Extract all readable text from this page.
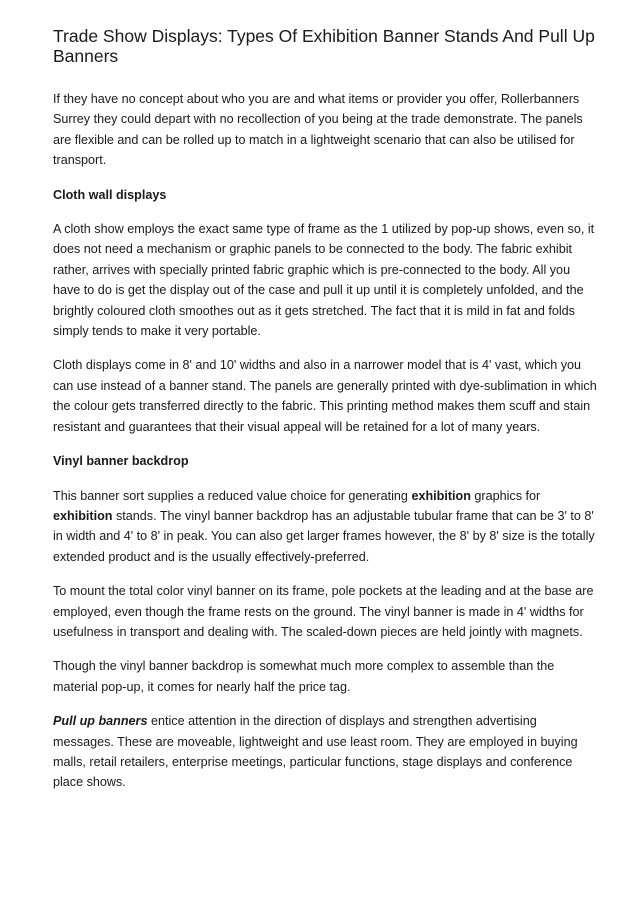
Trade Show Displays: Types Of Exhibition Banner Stands And Pull Up Banners

If they have no concept about who you are and what items or provider you offer, Rollerbanners Surrey they could depart with no recollection of you being at the trade demonstrate. The panels are flexible and can be rolled up to match in a lightweight scenario that can also be utilised for transport.

Cloth wall displays

A cloth show employs the exact same type of frame as the 1 utilized by pop-up shows, even so, it does not need a mechanism or graphic panels to be connected to the body. The fabric exhibit rather, arrives with specially printed fabric graphic which is pre-connected to the body. All you have to do is get the display out of the case and pull it up until it is completely unfolded, and the brightly coloured cloth smoothes out as it gets stretched. The fact that it is mild in fat and folds simply tends to make it very portable.

Cloth displays come in 8' and 10' widths and also in a narrower model that is 4' vast, which you can use instead of a banner stand. The panels are generally printed with dye-sublimation in which the colour gets transferred directly to the fabric. This printing method makes them scuff and stain resistant and guarantees that their visual appeal will be retained for a lot of many years.

Vinyl banner backdrop

This banner sort supplies a reduced value choice for generating exhibition graphics for exhibition stands. The vinyl banner backdrop has an adjustable tubular frame that can be 3' to 8' in width and 4' to 8' in peak. You can also get larger frames however, the 8' by 8' size is the totally extended product and is the usually effectively-preferred.

To mount the total color vinyl banner on its frame, pole pockets at the leading and at the base are employed, even though the frame rests on the ground. The vinyl banner is made in 4' widths for usefulness in transport and dealing with. The scaled-down pieces are held jointly with magnets.

Though the vinyl banner backdrop is somewhat much more complex to assemble than the material pop-up, it comes for nearly half the price tag.

Pull up banners entice attention in the direction of displays and strengthen advertising messages. These are moveable, lightweight and use least room. They are employed in buying malls, retail retailers, enterprise meetings, particular functions, stage displays and conference place shows.
